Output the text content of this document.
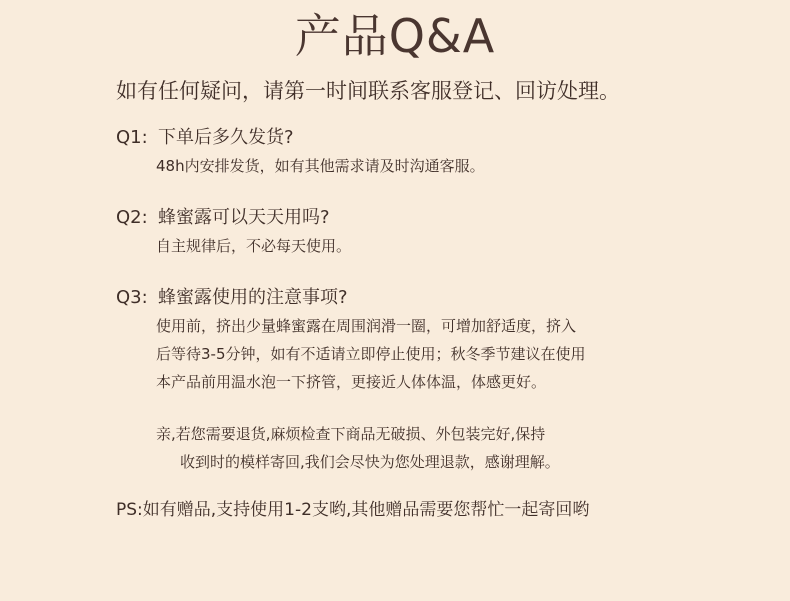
产品Q&A
如有任何疑问，请第一时间联系客服登记、回访处理。
Q1: 下单后多久发货?
48h内安排发货，如有其他需求请及时沟通客服。
Q2: 蜂蜜露可以天天用吗?
自主规律后，不必每天使用。
Q3: 蜂蜜露使用的注意事项?
使用前，挤出少量蜂蜜露在周围润滑一圈，可增加舒适度，挤入
后等待3-5分钟，如有不适请立即停止使用；秋冬季节建议在使用
本产品前用温水泡一下挤管，更接近人体体温，体感更好。
亲,若您需要退货,麻烦检查下商品无破损、外包装完好,保持
收到时的模样寄回,我们会尽快为您处理退款，感谢理解。
PS:如有赠品,支持使用1-2支哟,其他赠品需要您帮忙一起寄回哟
